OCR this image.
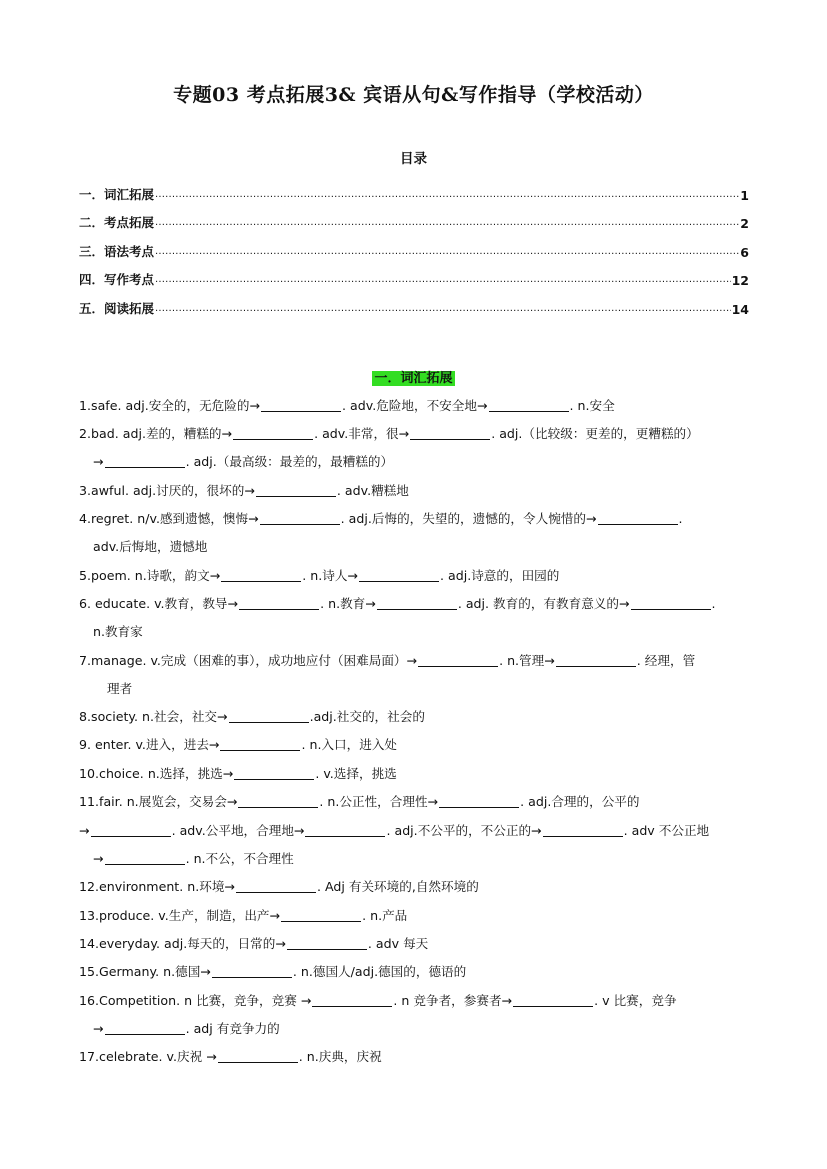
专题03 考点拓展3& 宾语从句&写作指导（学校活动）
目录
一．词汇拓展 .....	1
二．考点拓展 .....	2
三．语法考点 .....	6
四．写作考点 .....	12
五．阅读拓展 .....	14
一．词汇拓展
1.safe. adj.安全的，无危险的→	. adv.危险地，不安全地→	. n.安全
2.bad. adj.差的，糟糕的→	. adv.非常，很→	. adj.（比较级：更差的，更糟糕的）
→	. adj.（最高级：最差的，最糟糕的）
3.awful. adj.讨厌的，很坏的→	. adv.糟糕地
4.regret. n/v.感到遗憾，懊悔→	. adj.后悔的，失望的，遗憾的，令人惋惜的→	.
adv.后悔地，遗憾地
5.poem. n.诗歌，韵文→	. n.诗人→	. adj.诗意的，田园的
6. educate. v.教育，教导→	. n.教育→	. adj. 教育的，有教育意义的→	.
n.教育家
7.manage. v.完成（困难的事），成功地应付（困难局面）→	. n.管理→	. 经理，管
理者
8.society. n.社会，社交→	.adj.社交的，社会的
9. enter. v.进入，进去→	. n.入口，进入处
10.choice. n.选择，挑选→	. v.选择，挑选
11.fair. n.展览会，交易会→	. n.公正性，合理性→	. adj.合理的，公平的
→	. adv.公平地，合理地→	. adj.不公平的，不公正的→	. adv 不公正地
→	. n.不公，不合理性
12.environment. n.环境→	. Adj 有关环境的,自然环境的
13.produce. v.生产，制造，出产→	. n.产品
14.everyday. adj.每天的，日常的→	. adv 每天
15.Germany. n.德国→	. n.德国人/adj.德国的，德语的
16.Competition. n 比赛，竞争，竞赛 →	. n 竞争者，参赛者→	. v 比赛，竞争
→	. adj 有竞争力的
17.celebrate. v.庆祝 →	. n.庆典，庆祝
